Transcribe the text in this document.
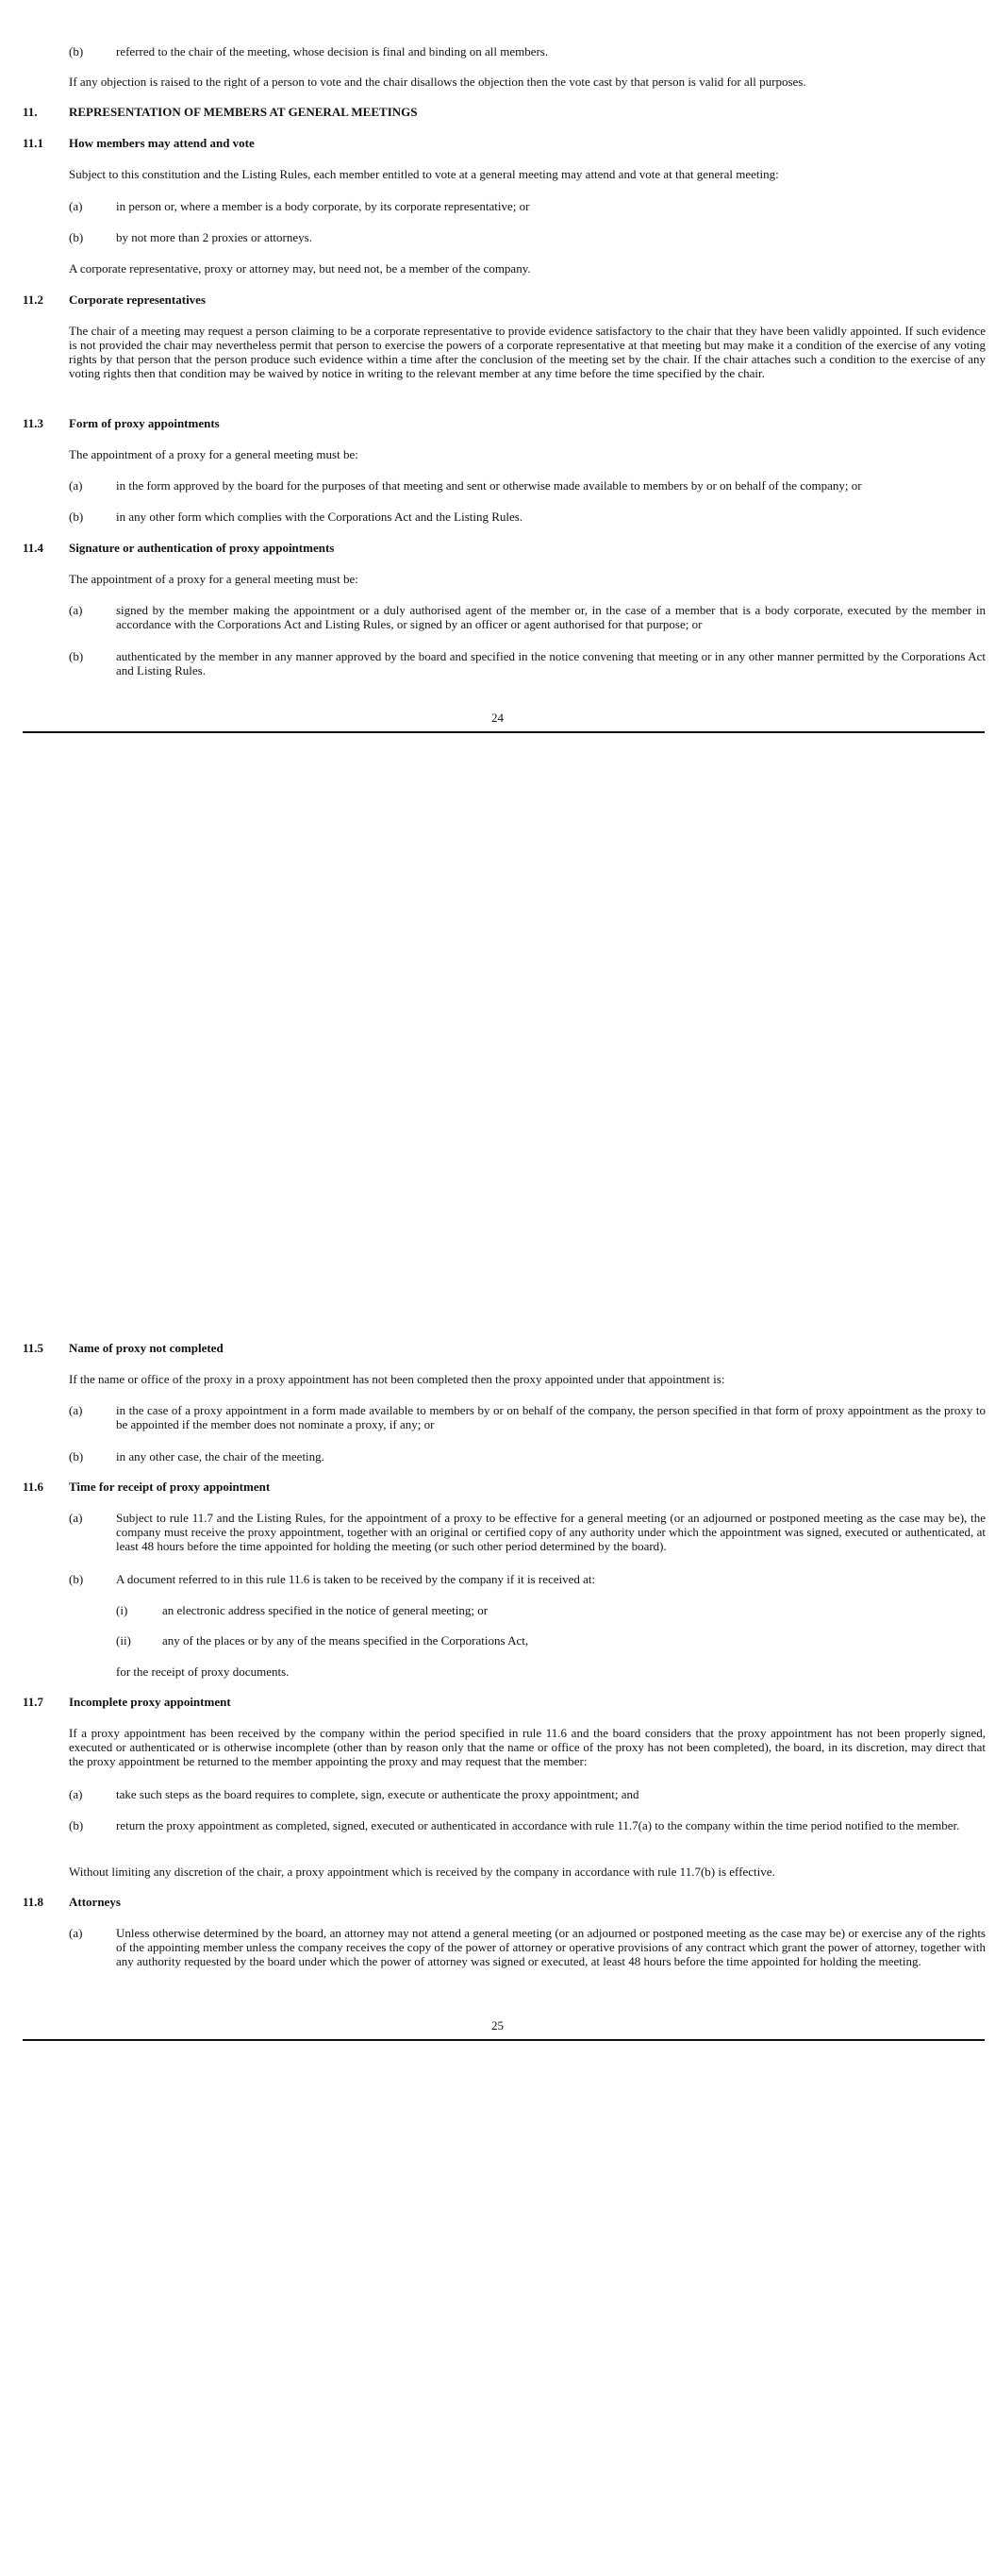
(b)	referred to the chair of the meeting, whose decision is final and binding on all members.

If any objection is raised to the right of a person to vote and the chair disallows the objection then the vote cast by that person is valid for all purposes.

11.	REPRESENTATION OF MEMBERS AT GENERAL MEETINGS

11.1 How members may attend and vote

Subject to this constitution and the Listing Rules, each member entitled to vote at a general meeting may attend and vote at that general meeting:

(a)	in person or, where a member is a body corporate, by its corporate representative; or

(b)	by not more than 2 proxies or attorneys.

A corporate representative, proxy or attorney may, but need not, be a member of the company.

11.2 Corporate representatives

The chair of a meeting may request a person claiming to be a corporate representative to provide evidence satisfactory to the chair that they have been validly appointed. If such evidence is not provided the chair may nevertheless permit that person to exercise the powers of a corporate representative at that meeting but may make it a condition of the exercise of any voting rights by that person that the person produce such evidence within a time after the conclusion of the meeting set by the chair. If the chair attaches such a condition to the exercise of any voting rights then that condition may be waived by notice in writing to the relevant member at any time before the time specified by the chair.

11.3 Form of proxy appointments

The appointment of a proxy for a general meeting must be:

(a)	in the form approved by the board for the purposes of that meeting and sent or otherwise made available to members by or on behalf of the company; or

(b)	in any other form which complies with the Corporations Act and the Listing Rules.

11.4 Signature or authentication of proxy appointments

The appointment of a proxy for a general meeting must be:

(a)	signed by the member making the appointment or a duly authorised agent of the member or, in the case of a member that is a body corporate, executed by the member in accordance with the Corporations Act and Listing Rules, or signed by an officer or agent authorised for that purpose; or

(b)	authenticated by the member in any manner approved by the board and specified in the notice convening that meeting or in any other manner permitted by the Corporations Act and Listing Rules.

24

11.5 Name of proxy not completed

If the name or office of the proxy in a proxy appointment has not been completed then the proxy appointed under that appointment is:

(a)	in the case of a proxy appointment in a form made available to members by or on behalf of the company, the person specified in that form of proxy appointment as the proxy to be appointed if the member does not nominate a proxy, if any; or

(b)	in any other case, the chair of the meeting.

11.6 Time for receipt of proxy appointment

(a)	Subject to rule 11.7 and the Listing Rules, for the appointment of a proxy to be effective for a general meeting (or an adjourned or postponed meeting as the case may be), the company must receive the proxy appointment, together with an original or certified copy of any authority under which the appointment was signed, executed or authenticated, at least 48 hours before the time appointed for holding the meeting (or such other period determined by the board).

(b)	A document referred to in this rule 11.6 is taken to be received by the company if it is received at:

(i)	an electronic address specified in the notice of general meeting; or

(ii)	any of the places or by any of the means specified in the Corporations Act,

for the receipt of proxy documents.

11.7 Incomplete proxy appointment

If a proxy appointment has been received by the company within the period specified in rule 11.6 and the board considers that the proxy appointment has not been properly signed, executed or authenticated or is otherwise incomplete (other than by reason only that the name or office of the proxy has not been completed), the board, in its discretion, may direct that the proxy appointment be returned to the member appointing the proxy and may request that the member:

(a)	take such steps as the board requires to complete, sign, execute or authenticate the proxy appointment; and

(b)	return the proxy appointment as completed, signed, executed or authenticated in accordance with rule 11.7(a) to the company within the time period notified to the member.

Without limiting any discretion of the chair, a proxy appointment which is received by the company in accordance with rule 11.7(b) is effective.

11.8 Attorneys

(a)	Unless otherwise determined by the board, an attorney may not attend a general meeting (or an adjourned or postponed meeting as the case may be) or exercise any of the rights of the appointing member unless the company receives the copy of the power of attorney or operative provisions of any contract which grant the power of attorney, together with any authority requested by the board under which the power of attorney was signed or executed, at least 48 hours before the time appointed for holding the meeting.

25
